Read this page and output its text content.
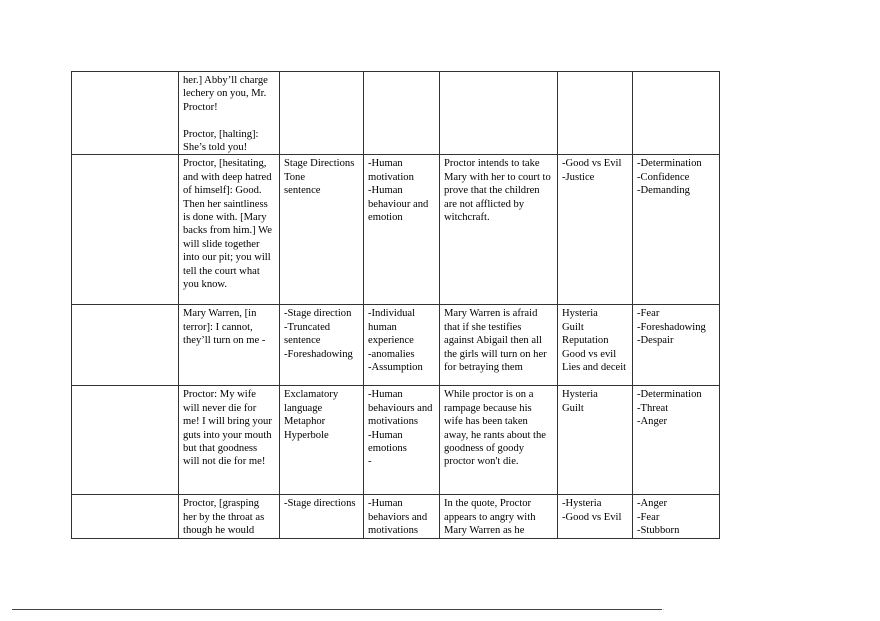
	her.] Abby’ll charge lechery on you, Mr. Proctor!
Proctor, [halting]: She’s told you!					

	Proctor, [hesitating, and with deep hatred of himself]: Good. Then her saintliness is done with. [Mary backs from him.] We will slide together into our pit; you will tell the court what you know.	Stage Directions
Tone
sentence	-Human motivation
-Human behaviour and emotion	Proctor intends to take Mary with her to court to prove that the children are not afflicted by witchcraft.	-Good vs Evil
-Justice	-Determination
-Confidence
-Demanding

	Mary Warren, [in terror]: I cannot, they’ll turn on me -	-Stage direction
-Truncated sentence
-Foreshadowing	-Individual human experience
-anomalies
-Assumption	Mary Warren is afraid that if she testifies against Abigail then all the girls will turn on her for betraying them	Hysteria
Guilt
Reputation
Good vs evil
Lies and deceit	-Fear
-Foreshadowing
-Despair

	Proctor: My wife will never die for me! I will bring your guts into your mouth but that goodness will not die for me!	Exclamatory language
Metaphor
Hyperbole	-Human behaviours and motivations
-Human emotions
-	While proctor is on a rampage because his wife has been taken away, he rants about the goodness of goody proctor won't die.	Hysteria
Guilt	-Determination
-Threat
-Anger

	Proctor, [grasping her by the throat as though he would	-Stage directions	-Human behaviors and motivations	In the quote, Proctor appears to angry with Mary Warren as he	-Hysteria
-Good vs Evil	-Anger
-Fear
-Stubborn
.
